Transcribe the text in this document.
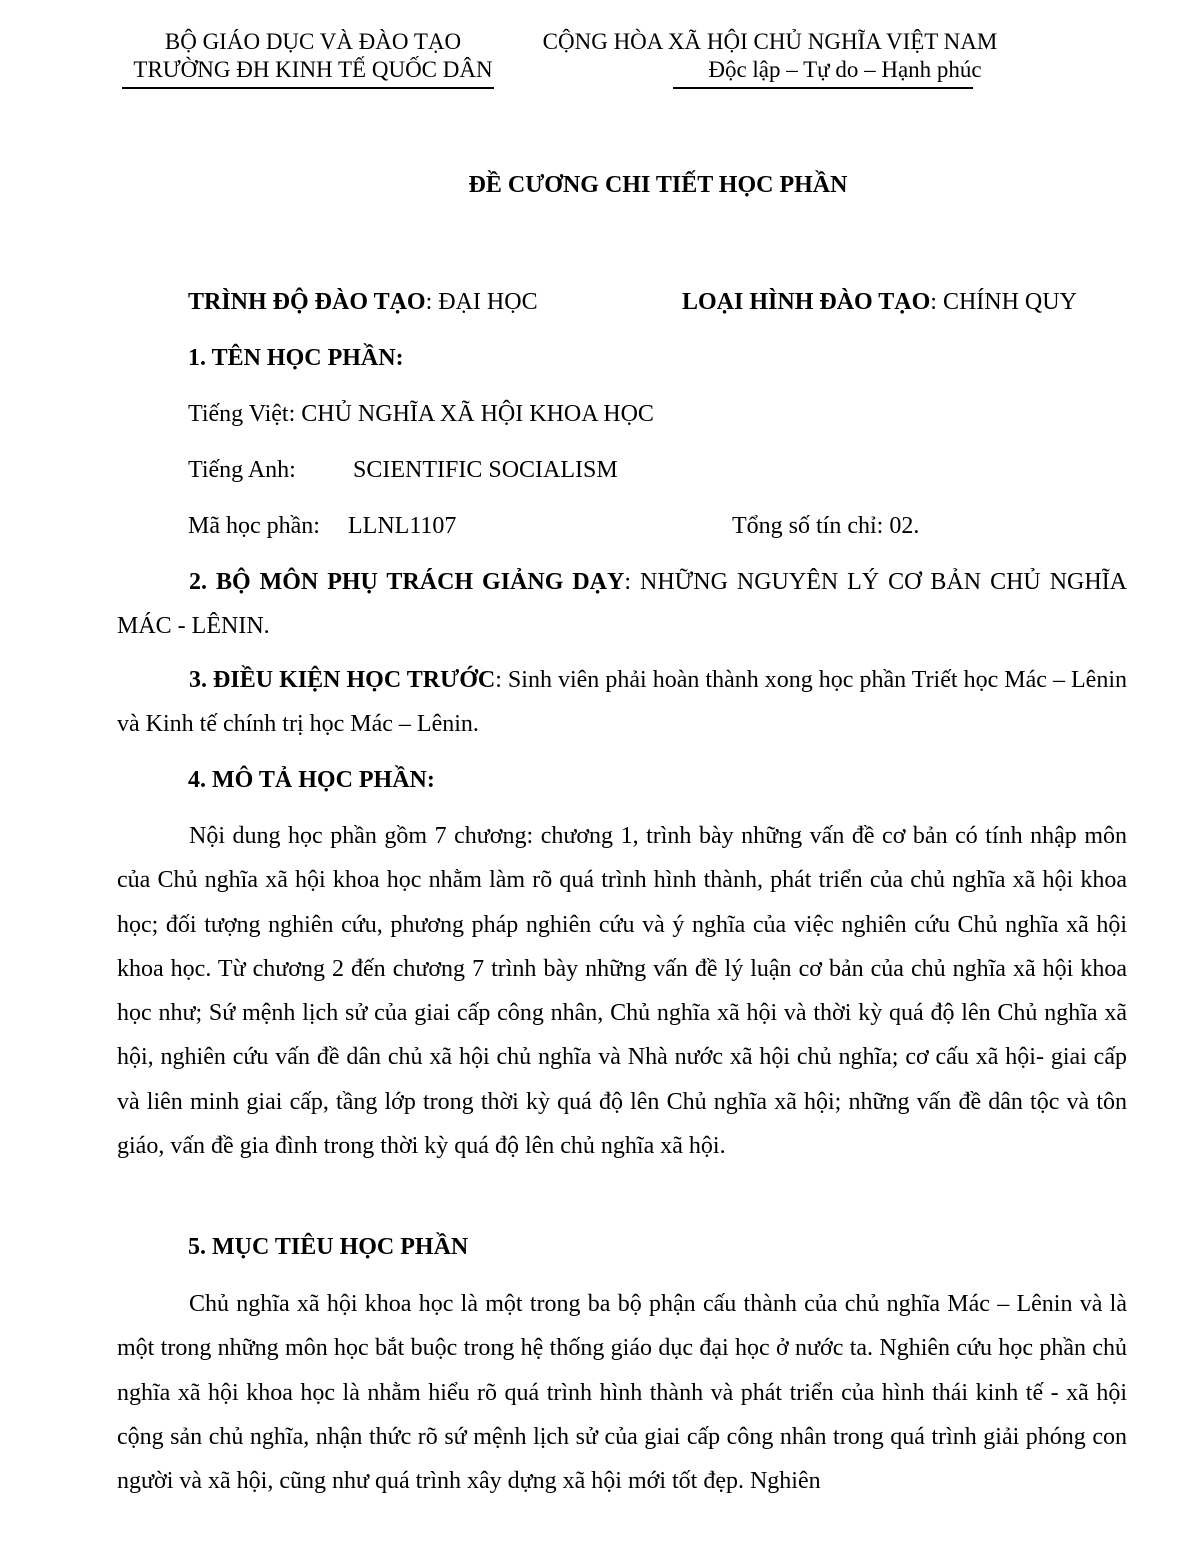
BỘ GIÁO DỤC VÀ ĐÀO TẠO
TRƯỜNG ĐH KINH TẾ QUỐC DÂN
CỘNG HÒA XÃ HỘI CHỦ NGHĨA VIỆT NAM
Độc lập – Tự do – Hạnh phúc
ĐỀ CƯƠNG CHI TIẾT HỌC PHẦN
TRÌNH ĐỘ ĐÀO TẠO: ĐẠI HỌC	LOẠI HÌNH ĐÀO TẠO: CHÍNH QUY
1. TÊN HỌC PHẦN:
Tiếng Việt: CHỦ NGHĨA XÃ HỘI KHOA HỌC
Tiếng Anh: SCIENTIFIC SOCIALISM
Mã học phần: LLNL1107	Tổng số tín chỉ: 02.
2. BỘ MÔN PHỤ TRÁCH GIẢNG DẠY: NHỮNG NGUYÊN LÝ CƠ BẢN CHỦ NGHĨA MÁC - LÊNIN.
3. ĐIỀU KIỆN HỌC TRƯỚC: Sinh viên phải hoàn thành xong học phần Triết học Mác – Lênin và Kinh tế chính trị học Mác – Lênin.
4. MÔ TẢ HỌC PHẦN:
Nội dung học phần gồm 7 chương: chương 1, trình bày những vấn đề cơ bản có tính nhập môn của Chủ nghĩa xã hội khoa học nhằm làm rõ quá trình hình thành, phát triển của chủ nghĩa xã hội khoa học; đối tượng nghiên cứu, phương pháp nghiên cứu và ý nghĩa của việc nghiên cứu Chủ nghĩa xã hội khoa học. Từ chương 2 đến chương 7 trình bày những vấn đề lý luận cơ bản của chủ nghĩa xã hội khoa học như; Sứ mệnh lịch sử của giai cấp công nhân, Chủ nghĩa xã hội và thời kỳ quá độ lên Chủ nghĩa xã hội, nghiên cứu vấn đề dân chủ xã hội chủ nghĩa và Nhà nước xã hội chủ nghĩa; cơ cấu xã hội- giai cấp và liên minh giai cấp, tầng lớp trong thời kỳ quá độ lên Chủ nghĩa xã hội; những vấn đề dân tộc và tôn giáo, vấn đề gia đình trong thời kỳ quá độ lên chủ nghĩa xã hội.
5. MỤC TIÊU HỌC PHẦN
Chủ nghĩa xã hội khoa học là một trong ba bộ phận cấu thành của chủ nghĩa Mác – Lênin và là một trong những môn học bắt buộc trong hệ thống giáo dục đại học ở nước ta. Nghiên cứu học phần chủ nghĩa xã hội khoa học là nhằm hiểu rõ quá trình hình thành và phát triển của hình thái kinh tế - xã hội cộng sản chủ nghĩa, nhận thức rõ sứ mệnh lịch sử của giai cấp công nhân trong quá trình giải phóng con người và xã hội, cũng như quá trình xây dựng xã hội mới tốt đẹp. Nghiên
